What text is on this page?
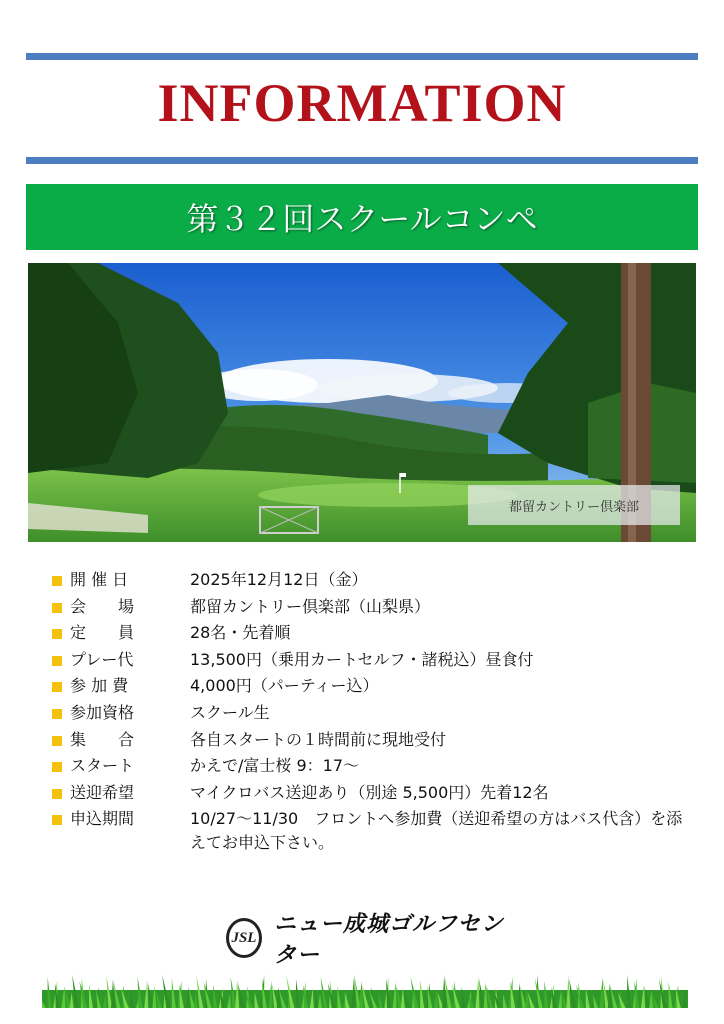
INFORMATION
第３２回スクールコンペ
都留カントリー倶楽部
開 催 日	2025年12月12日（金）
会　　場	都留カントリー倶楽部（山梨県）
定　　員	28名・先着順
プレー代	13,500円（乗用カートセルフ・諸税込）昼食付
参 加 費	4,000円（パーティー込）
参加資格	スクール生
集　　合	各自スタートの１時間前に現地受付
スタート	かえで/富士桜 9：17〜
送迎希望	マイクロバス送迎あり（別途 5,500円）先着12名
申込期間	10/27〜11/30　フロントへ参加費（送迎希望の方はバス代含）を添えてお申込下さい。
JSL
ニュー成城ゴルフセンター
